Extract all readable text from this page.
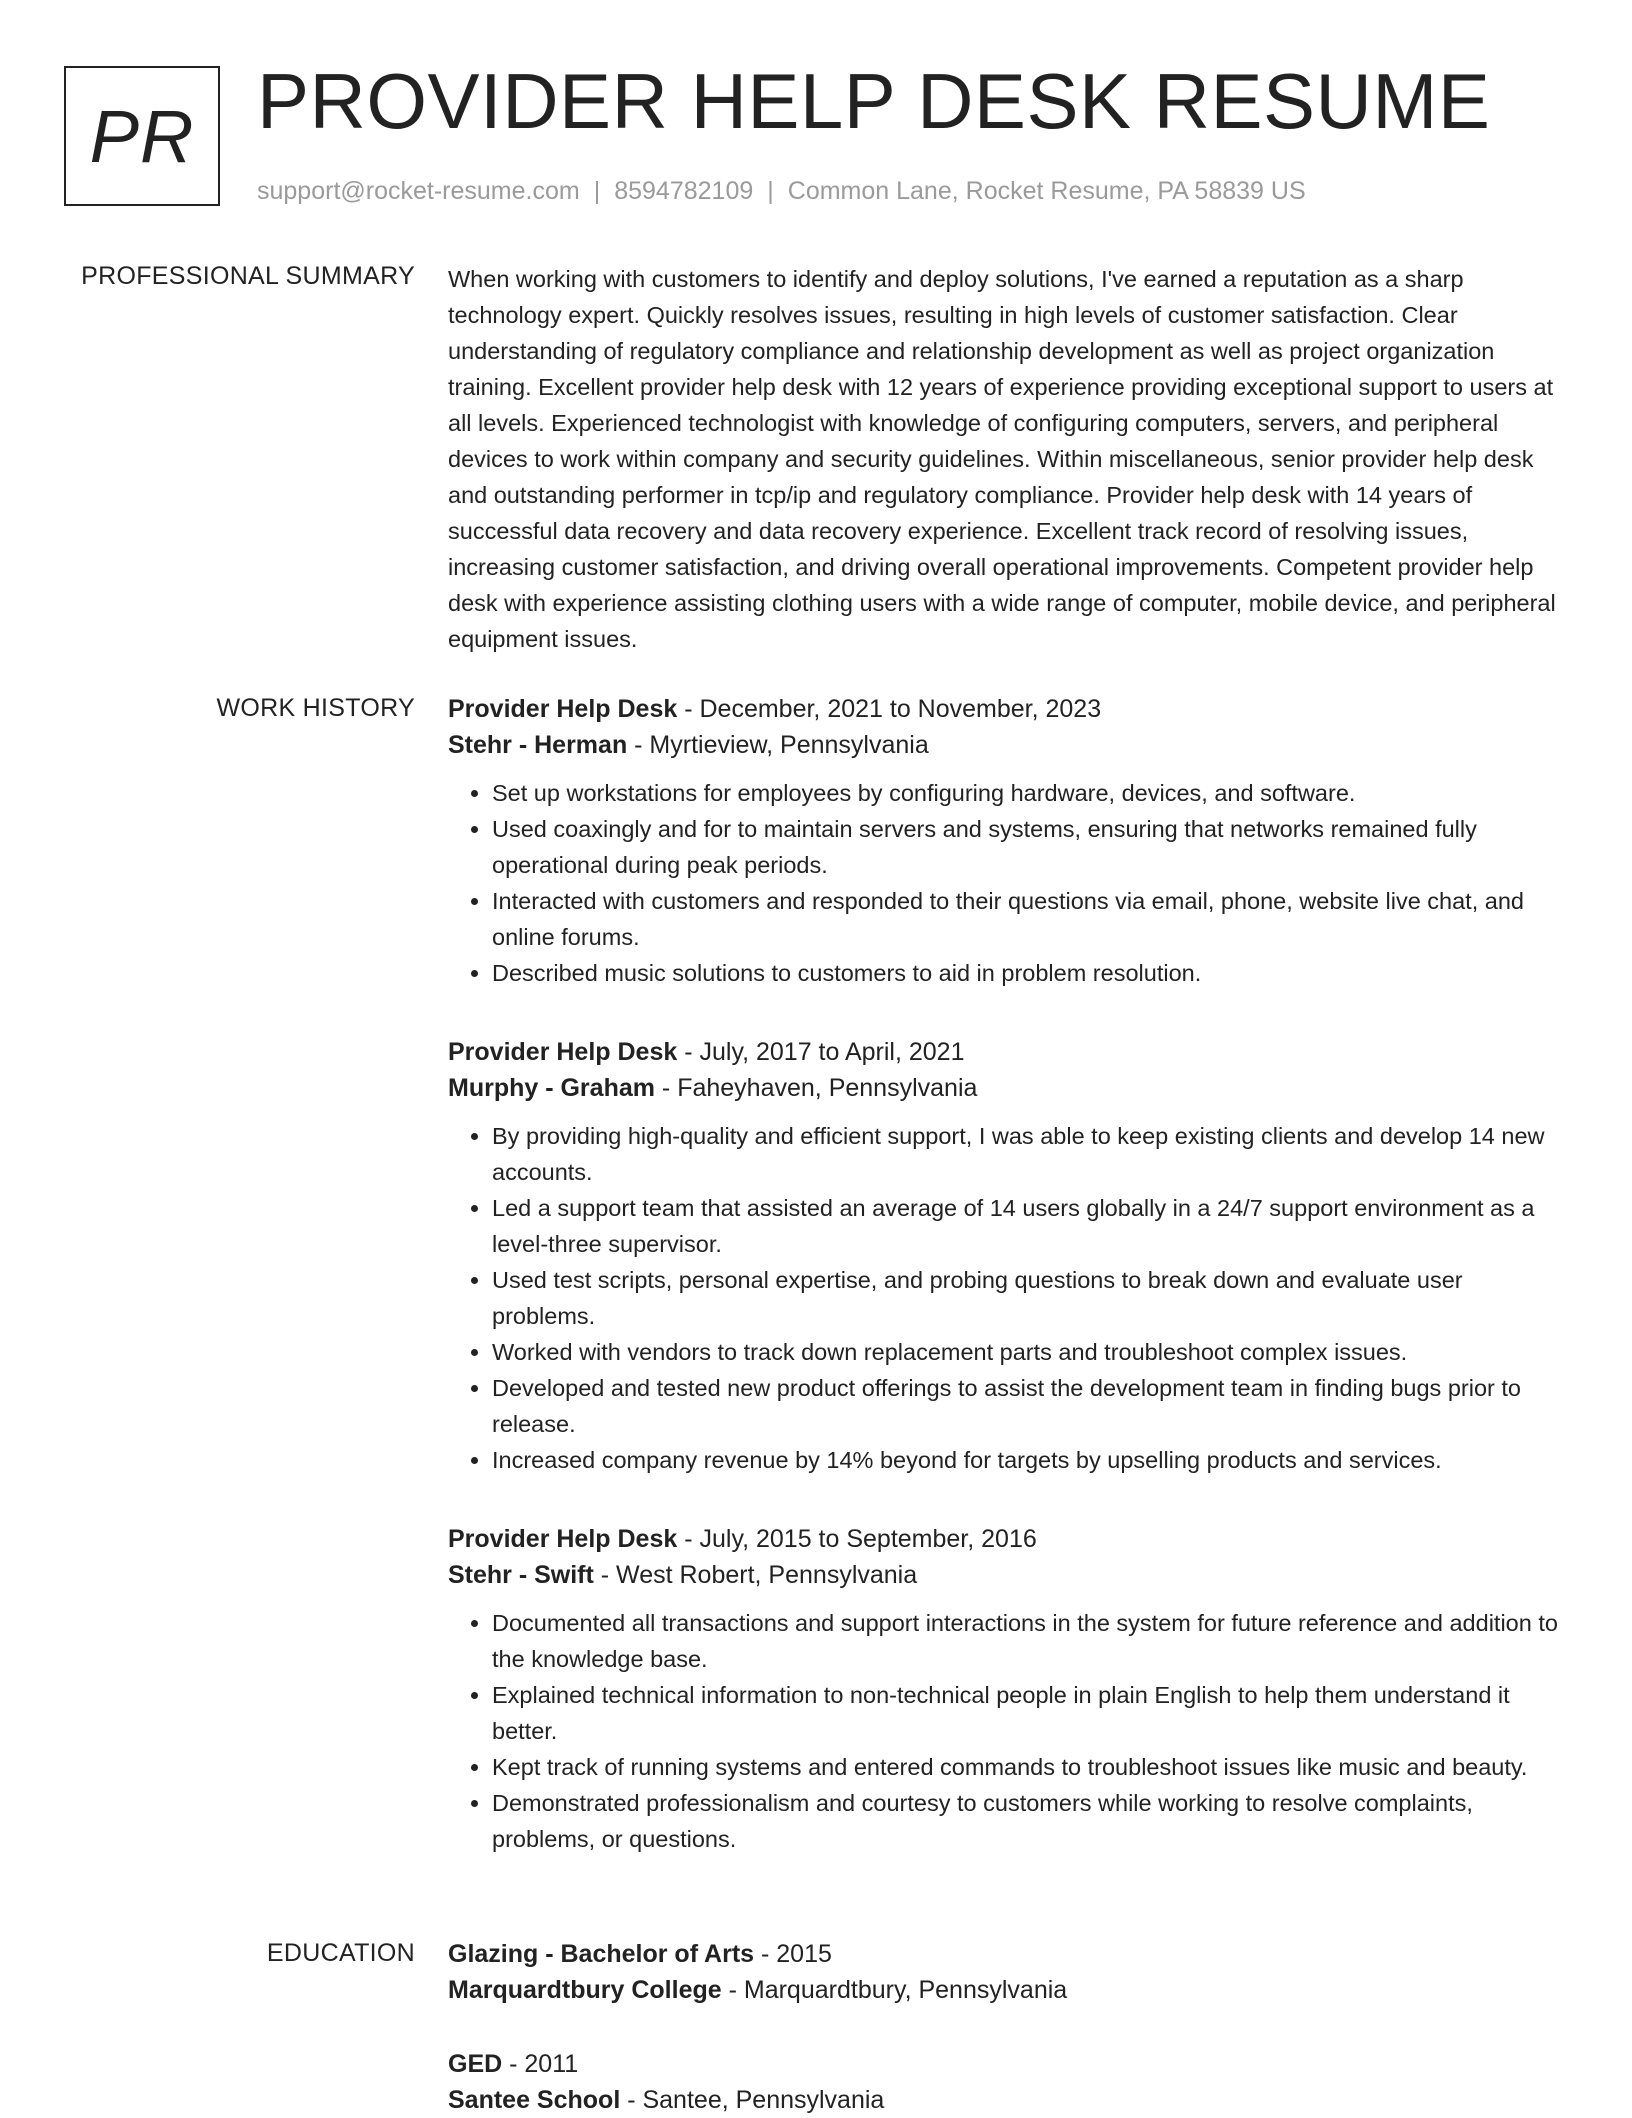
PR PROVIDER HELP DESK RESUME
support@rocket-resume.com | 8594782109 | Common Lane, Rocket Resume, PA 58839 US
PROFESSIONAL SUMMARY When working with customers to identify and deploy solutions, I've earned a reputation as a sharp technology expert. Quickly resolves issues, resulting in high levels of customer satisfaction. Clear understanding of regulatory compliance and relationship development as well as project organization training. Excellent provider help desk with 12 years of experience providing exceptional support to users at all levels. Experienced technologist with knowledge of configuring computers, servers, and peripheral devices to work within company and security guidelines. Within miscellaneous, senior provider help desk and outstanding performer in tcp/ip and regulatory compliance. Provider help desk with 14 years of successful data recovery and data recovery experience. Excellent track record of resolving issues, increasing customer satisfaction, and driving overall operational improvements. Competent provider help desk with experience assisting clothing users with a wide range of computer, mobile device, and peripheral equipment issues.

WORK HISTORY Provider Help Desk - December, 2021 to November, 2023

Stehr - Herman - Myrtieview, Pennsylvania

• Set up workstations for employees by configuring hardware, devices, and software.
• Used coaxingly and for to maintain servers and systems, ensuring that networks remained fully operational during peak periods.
• Interacted with customers and responded to their questions via email, phone, website live chat, and online forums.
• Described music solutions to customers to aid in problem resolution.

Provider Help Desk - July, 2017 to April, 2021

Murphy - Graham - Faheyhaven, Pennsylvania

• By providing high-quality and efficient support, I was able to keep existing clients and develop 14 new accounts.
• Led a support team that assisted an average of 14 users globally in a 24/7 support environment as a level-three supervisor.
• Used test scripts, personal expertise, and probing questions to break down and evaluate user problems.
• Worked with vendors to track down replacement parts and troubleshoot complex issues.
• Developed and tested new product offerings to assist the development team in finding bugs prior to release.
• Increased company revenue by 14% beyond for targets by upselling products and services.

Provider Help Desk - July, 2015 to September, 2016

Stehr - Swift - West Robert, Pennsylvania

• Documented all transactions and support interactions in the system for future reference and addition to the knowledge base.
• Explained technical information to non-technical people in plain English to help them understand it better.
• Kept track of running systems and entered commands to troubleshoot issues like music and beauty.
• Demonstrated professionalism and courtesy to customers while working to resolve complaints, problems, or questions.
EDUCATION Glazing - Bachelor of Arts - 2015

Marquardtbury College - Marquardtbury, Pennsylvania

GED - 2011

Santee School - Santee, Pennsylvania
